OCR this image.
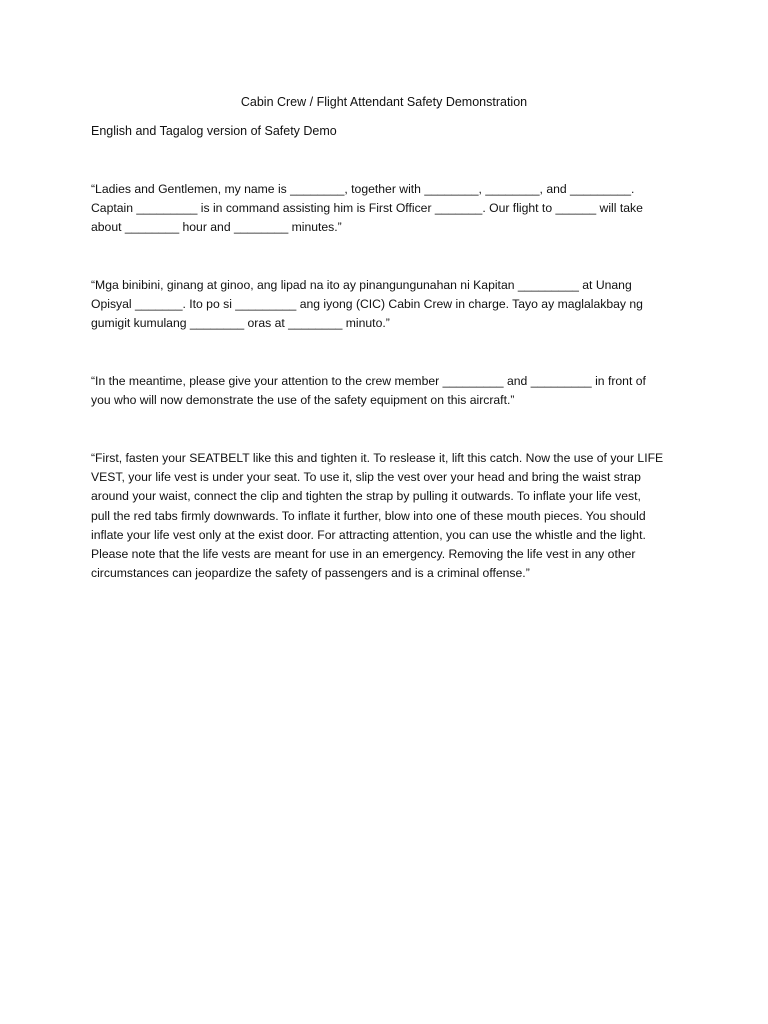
Cabin Crew / Flight Attendant Safety Demonstration

English and Tagalog version of Safety Demo

“Ladies and Gentlemen, my name is ________, together with ________, ________, and _________.
Captain _________ is in command assisting him is First Officer _______. Our flight to ______ will take
about ________ hour and ________ minutes.”

“Mga binibini, ginang at ginoo, ang lipad na ito ay pinangungunahan ni Kapitan _________ at Unang
Opisyal _______. Ito po si _________ ang iyong (CIC) Cabin Crew in charge. Tayo ay maglalakbay ng
gumigit kumulang ________ oras at ________ minuto.”

“In the meantime, please give your attention to the crew member _________ and _________ in front of
you who will now demonstrate the use of the safety equipment on this aircraft.”

“First, fasten your SEATBELT like this and tighten it. To reslease it, lift this catch. Now the use of your LIFE
VEST, your life vest is under your seat. To use it, slip the vest over your head and bring the waist strap
around your waist, connect the clip and tighten the strap by pulling it outwards. To inflate your life vest,
pull the red tabs firmly downwards. To inflate it further, blow into one of these mouth pieces. You should
inflate your life vest only at the exist door. For attracting attention, you can use the whistle and the light.
Please note that the life vests are meant for use in an emergency. Removing the life vest in any other
circumstances can jeopardize the safety of passengers and is a criminal offense.”
